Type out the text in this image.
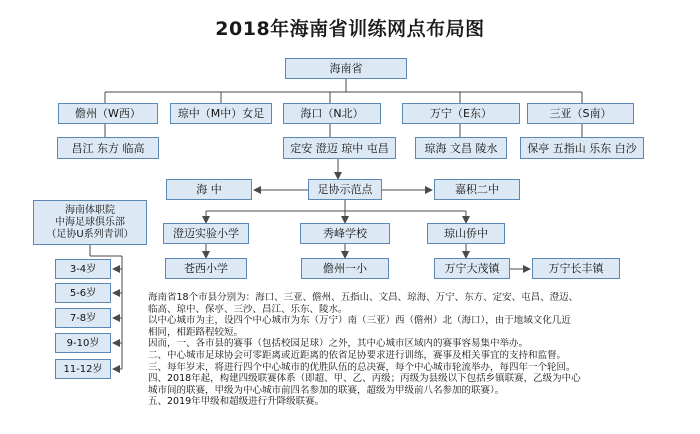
2018年海南省训练网点布局图
海南省
儋州（W西）	琼中（M中）女足	海口（N北）	万宁（E东）	三亚（S南）
昌江 东方 临高	定安 澄迈 琼中 屯昌	琼海 文昌 陵水	保亭 五指山 乐东 白沙
海 中	足协示范点	嘉积二中
海南体职院
中海足球俱乐部
（足协U系列青训）
3-4岁
5-6岁
7-8岁
9-10岁
11-12岁
澄迈实验小学	秀峰学校	琼山侨中
苍西小学	儋州一小	万宁大茂镇	万宁长丰镇
海南省18个市县分别为：海口、三亚、儋州、五指山、文昌、琼海、万宁、东方、定安、屯昌、澄迈、
临高、琼中、保亭、三沙、昌江、乐东、陵水。
以中心城市为主，设四个中心城市为东（万宁）南（三亚）西（儋州）北（海口），由于地域文化几近
相同，相距路程较短。
因而，一、各市县的赛事（包括校园足球）之外，其中心城市区域内的赛事容易集中举办。
二、中心城市足球协会可零距离或近距离的依省足协要求进行训练，赛事及相关事宜的支持和监督。
三、每年岁末，将进行四个中心城市的优胜队伍的总决赛，每个中心城市轮流举办，每四年一个轮回。
四、2018年起，构建四级联赛体系（即超、甲、乙、丙级；丙级为县级以下包括乡镇联赛，乙级为中心
城市间的联赛，甲级为中心城市前四名参加的联赛，超级为甲级前八名参加的联赛）。
五、2019年甲级和超级进行升降级联赛。
